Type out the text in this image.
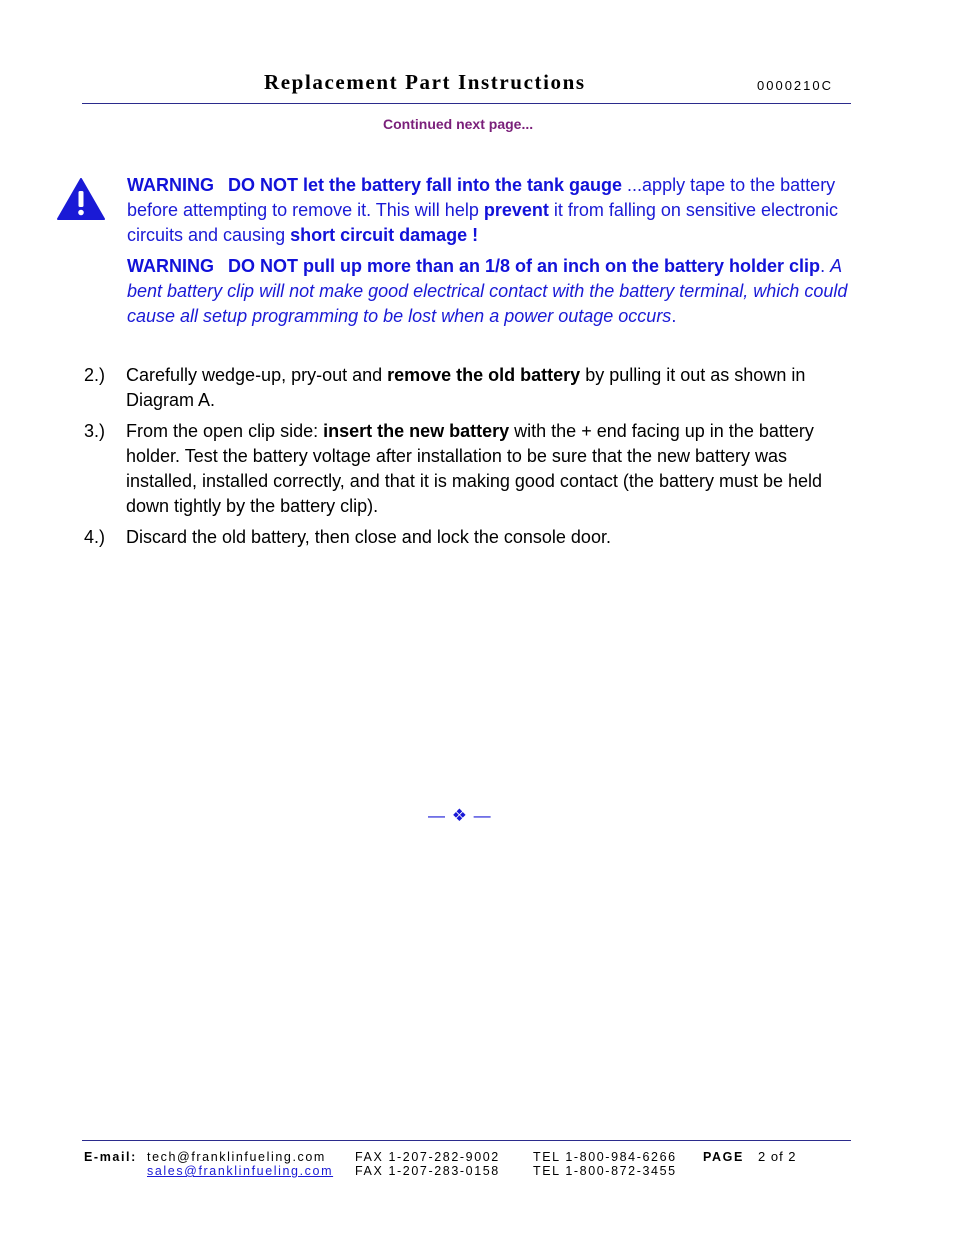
Replacement Part Instructions	0000210C
Continued next page...
WARNING DO NOT let the battery fall into the tank gauge ...apply tape to the battery before attempting to remove it. This will help prevent it from falling on sensitive electronic circuits and causing short circuit damage !
WARNING DO NOT pull up more than an 1/8 of an inch on the battery holder clip. A bent battery clip will not make good electrical contact with the battery terminal, which could cause all setup programming to be lost when a power outage occurs.
2.) Carefully wedge-up, pry-out and remove the old battery by pulling it out as shown in Diagram A.
3.) From the open clip side: insert the new battery with the + end facing up in the battery holder. Test the battery voltage after installation to be sure that the new battery was installed, installed correctly, and that it is making good contact (the battery must be held down tightly by the battery clip).
4.) Discard the old battery, then close and lock the console door.
— ❖ —
E-mail: tech@franklinfueling.com
sales@franklinfueling.com
FAX 1-207-282-9002
FAX 1-207-283-0158
TEL 1-800-984-6266
TEL 1-800-872-3455
PAGE 2 of 2
